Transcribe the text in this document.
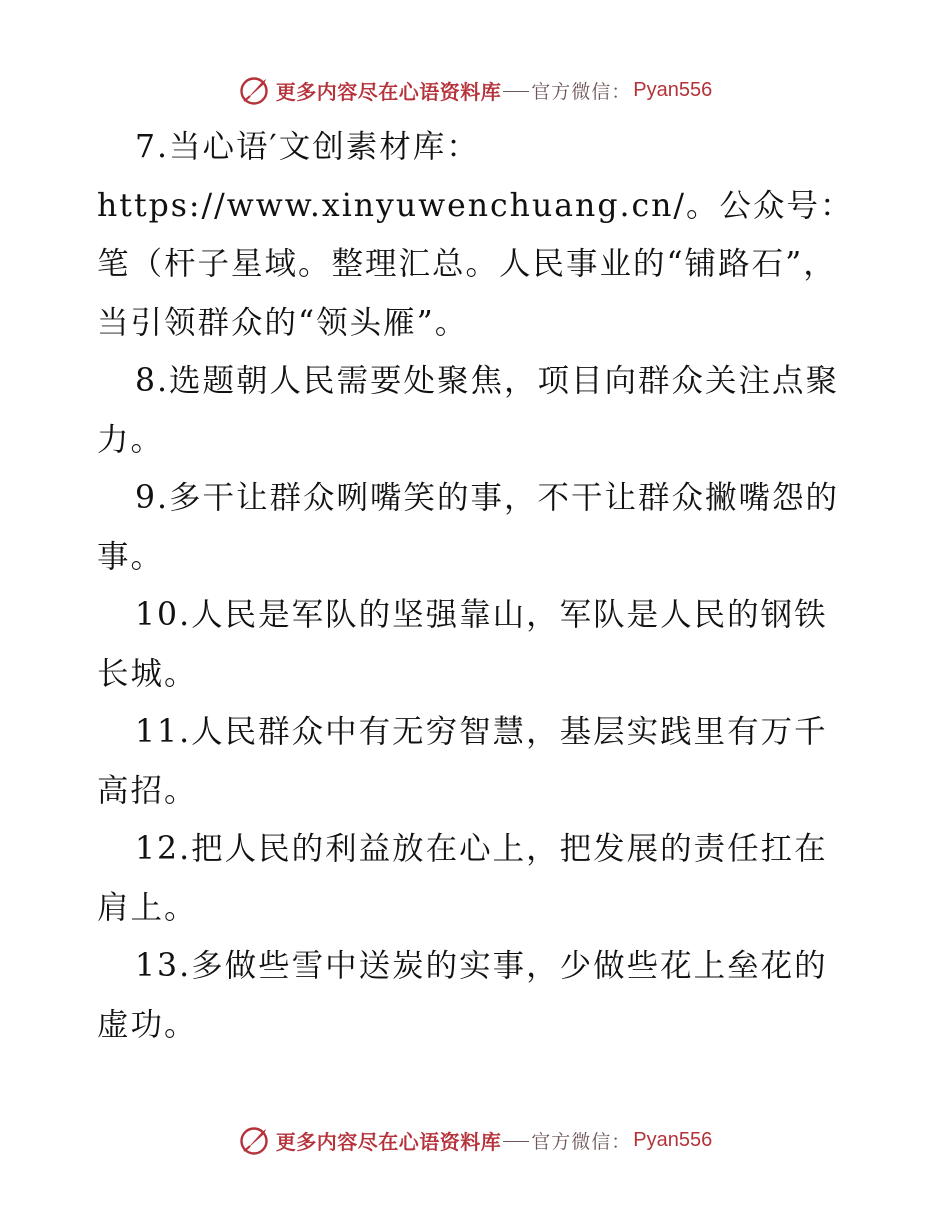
更多内容尽在心语资料库 官方微信： Pyan556

7.当心语′文创素材库：https://www.xinyuwenchuang.cn/。公众号：笔（杆子星域。整理汇总。人民事业的“铺路石”，当引领群众的“领头雁”。

8.选题朝人民需要处聚焦，项目向群众关注点聚力。

9.多干让群众咧嘴笑的事，不干让群众撇嘴怨的事。

10.人民是军队的坚强靠山，军队是人民的钢铁长城。

11.人民群众中有无穷智慧，基层实践里有万千高招。

12.把人民的利益放在心上，把发展的责任扛在肩上。

13.多做些雪中送炭的实事，少做些花上垒花的虚功。

更多内容尽在心语资料库 官方微信： Pyan556
